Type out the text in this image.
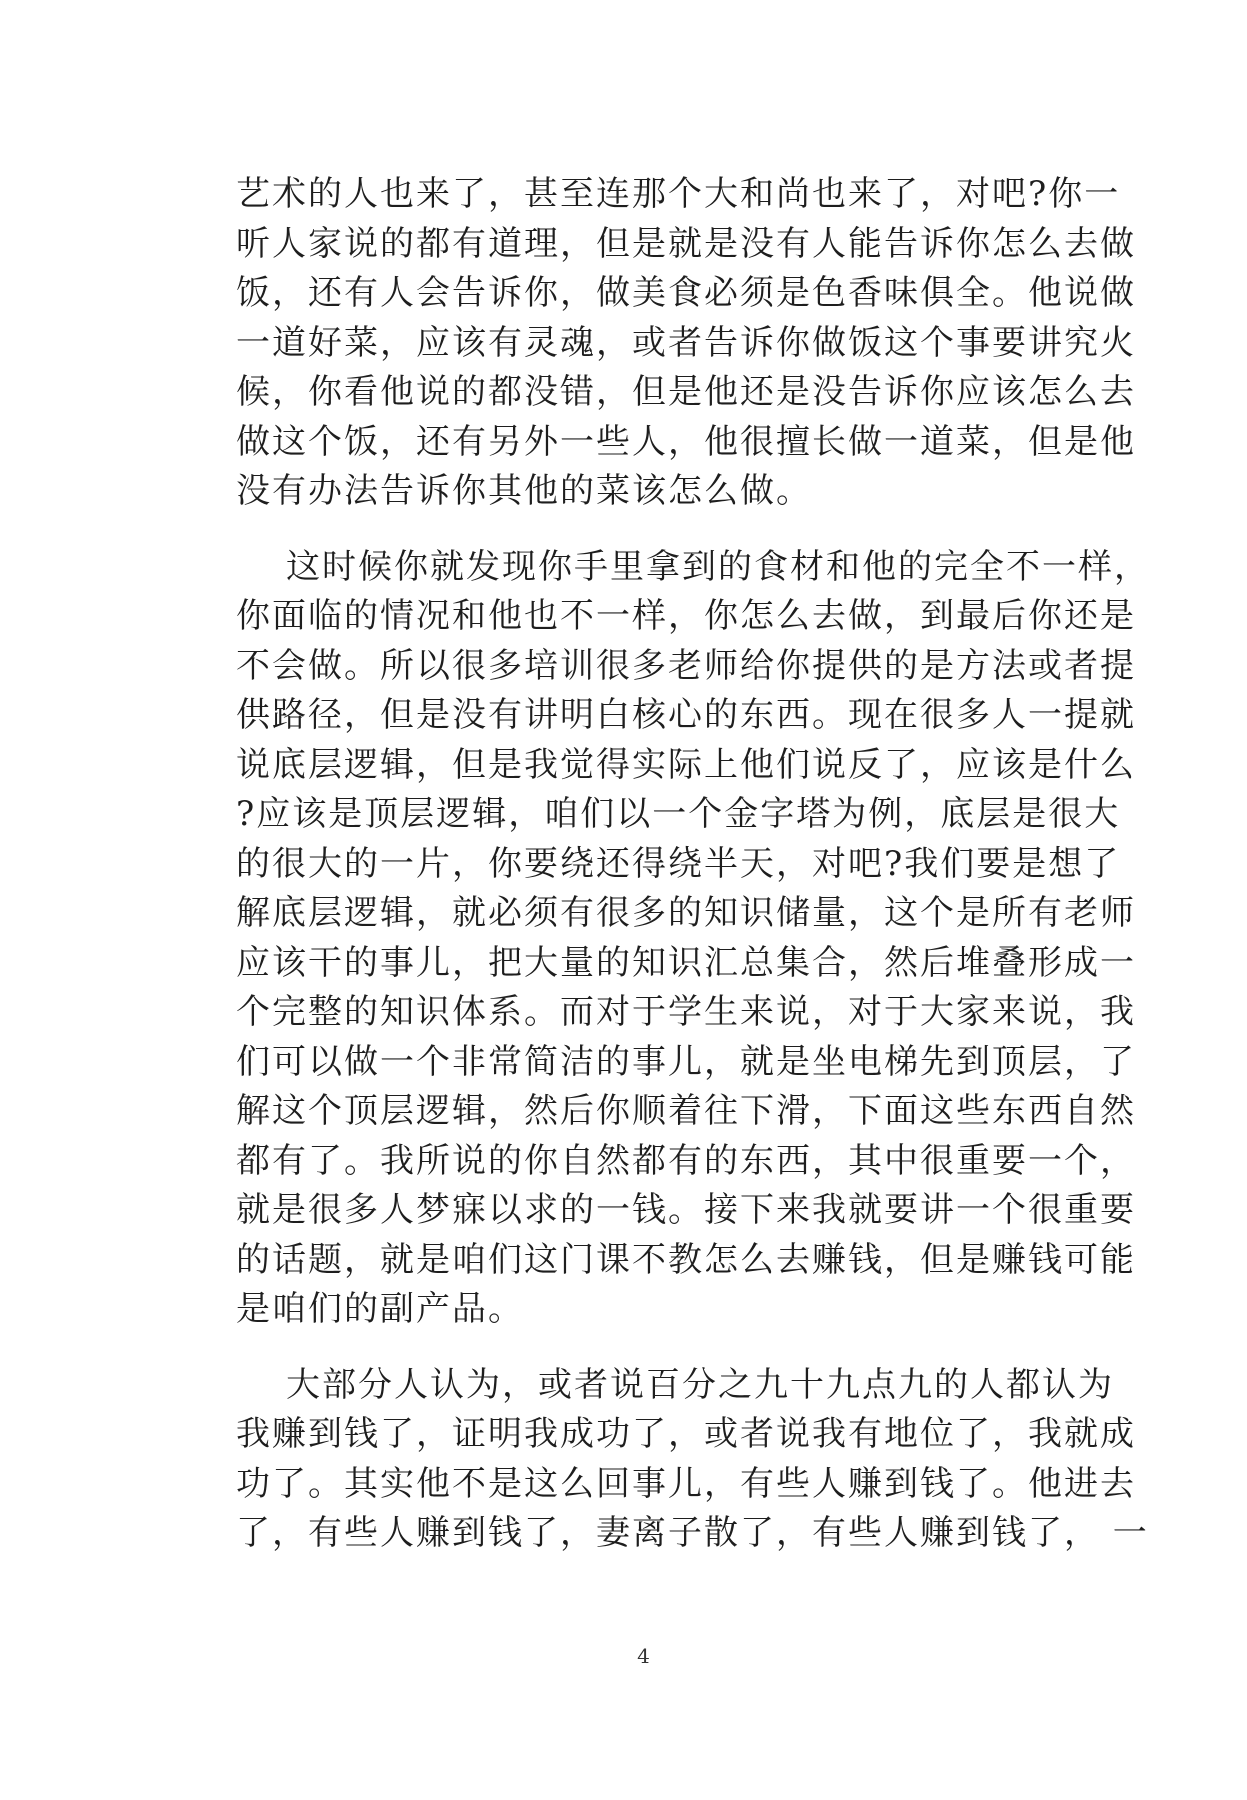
艺术的人也来了，甚至连那个大和尚也来了，对吧?你一
听人家说的都有道理，但是就是没有人能告诉你怎么去做
饭，还有人会告诉你，做美食必须是色香味俱全。他说做
一道好菜，应该有灵魂，或者告诉你做饭这个事要讲究火
候，你看他说的都没错，但是他还是没告诉你应该怎么去
做这个饭，还有另外一些人，他很擅长做一道菜，但是他
没有办法告诉你其他的菜该怎么做。
这时候你就发现你手里拿到的食材和他的完全不一样，
你面临的情况和他也不一样，你怎么去做，到最后你还是
不会做。所以很多培训很多老师给你提供的是方法或者提
供路径，但是没有讲明白核心的东西。现在很多人一提就
说底层逻辑，但是我觉得实际上他们说反了，应该是什么
?应该是顶层逻辑，咱们以一个金字塔为例，底层是很大
的很大的一片，你要绕还得绕半天，对吧?我们要是想了
解底层逻辑，就必须有很多的知识储量，这个是所有老师
应该干的事儿，把大量的知识汇总集合，然后堆叠形成一
个完整的知识体系。而对于学生来说，对于大家来说，我
们可以做一个非常简洁的事儿，就是坐电梯先到顶层，了
解这个顶层逻辑，然后你顺着往下滑，下面这些东西自然
都有了。我所说的你自然都有的东西，其中很重要一个，
就是很多人梦寐以求的一钱。接下来我就要讲一个很重要
的话题，就是咱们这门课不教怎么去赚钱，但是赚钱可能
是咱们的副产品。
大部分人认为，或者说百分之九十九点九的人都认为
我赚到钱了，证明我成功了，或者说我有地位了，我就成
功了。其实他不是这么回事儿，有些人赚到钱了。他进去
了，有些人赚到钱了，妻离子散了，有些人赚到钱了， 一
4
